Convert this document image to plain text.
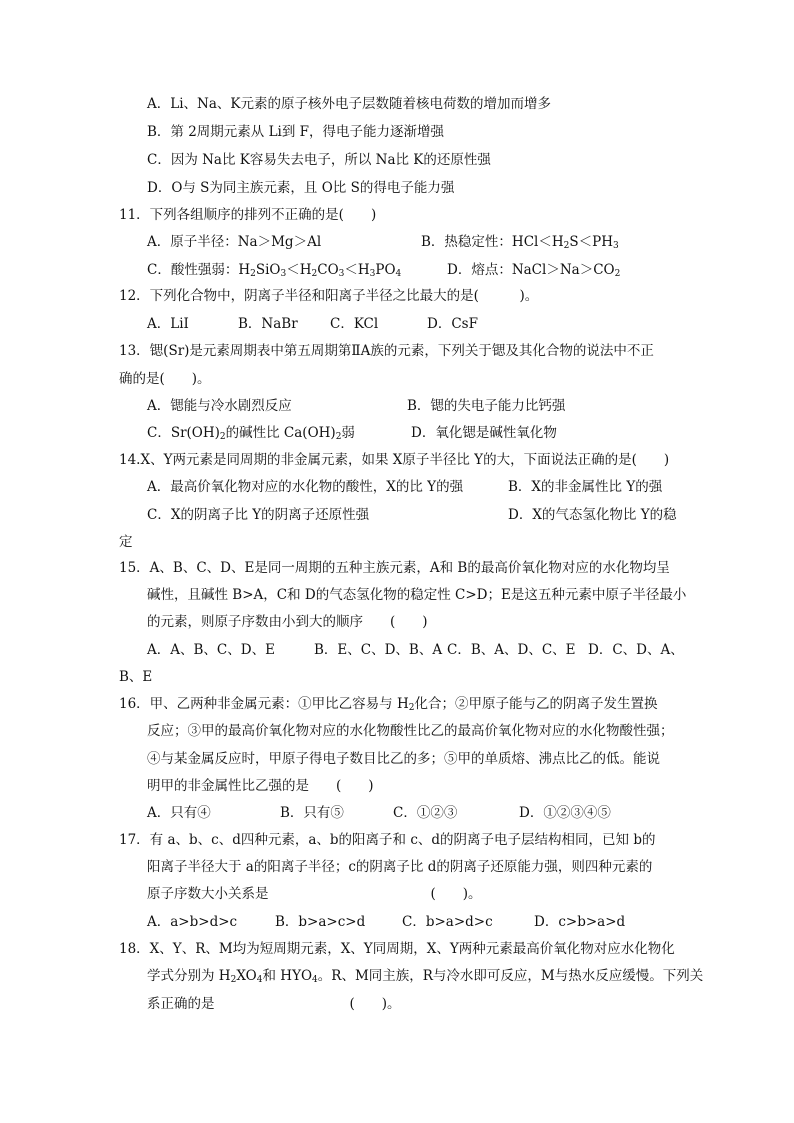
A．Li、Na、K元素的原子核外电子层数随着核电荷数的增加而增多
B．第 2周期元素从 Li到 F，得电子能力逐渐增强
C．因为 Na比 K容易失去电子，所以 Na比 K的还原性强
D．O与 S为同主族元素，且 O比 S的得电子能力强
11．下列各组顺序的排列不正确的是(　　)
A．原子半径：Na＞Mg＞Al	B．热稳定性：$HCl<H_2S<PH_3$
C．酸性强弱：$H_2SiO_3<H_2CO_3<H_3PO_4$	D．熔点：$NaCl>Na>CO_2$
12．下列化合物中，阴离子半径和阳离子半径之比最大的是(　　　)。
A．LiI	B．NaBr C．KCl	D．CsF
13．锶(Sr)是元素周期表中第五周期第ⅡA族的元素，下列关于锶及其化合物的说法中不正
确的是(　　)。
A．锶能与冷水剧烈反应	B．锶的失电子能力比钙强
C．$Sr(OH)_2$的碱性比 $Ca(OH)_2$弱	D．氧化锶是碱性氧化物
14.X、Y两元素是同周期的非金属元素，如果 X原子半径比 Y的大，下面说法正确的是(　　)
A．最高价氧化物对应的水化物的酸性，X的比 Y的强	B．X的非金属性比 Y的强
C．X的阴离子比 Y的阴离子还原性强	D．X的气态氢化物比 Y的稳
定
15．A、B、C、D、E是同一周期的五种主族元素，A和 B的最高价氧化物对应的水化物均呈
碱性，且碱性 B>A，C和 D的气态氢化物的稳定性 C>D；E是这五种元素中原子半径最小
的元素，则原子序数由小到大的顺序　　(　　)
A．A、B、C、D、E	B．E、C、D、B、A C．B、A、D、C、E D．C、D、A、
B、E
16．甲、乙两种非金属元素：①甲比乙容易与 $H_2$化合；②甲原子能与乙的阴离子发生置换
反应；③甲的最高价氧化物对应的水化物酸性比乙的最高价氧化物对应的水化物酸性强；
④与某金属反应时，甲原子得电子数目比乙的多；⑤甲的单质熔、沸点比乙的低。能说
明甲的非金属性比乙强的是　　(　　)
A．只有④	B．只有⑤	C．①②③	D．①②③④⑤
17．有 a、b、c、d四种元素，a、b的阳离子和 c、d的阴离子电子层结构相同，已知 b的
阳离子半径大于 a的阳离子半径；c的阴离子比 d的阴离子还原能力强，则四种元素的
原子序数大小关系是　　　　　　　　　　　　(　　)。
A．a>b>d>c	B．b>a>c>d	C．b>a>d>c	D．c>b>a>d
18．X、Y、R、M均为短周期元素，X、Y同周期，X、Y两种元素最高价氧化物对应水化物化
学式分别为 $H_2XO_4$和 $HYO_4$。R、M同主族，R与冷水即可反应，M与热水反应缓慢。下列关
系正确的是　　　　　　　　　　(　　)。
